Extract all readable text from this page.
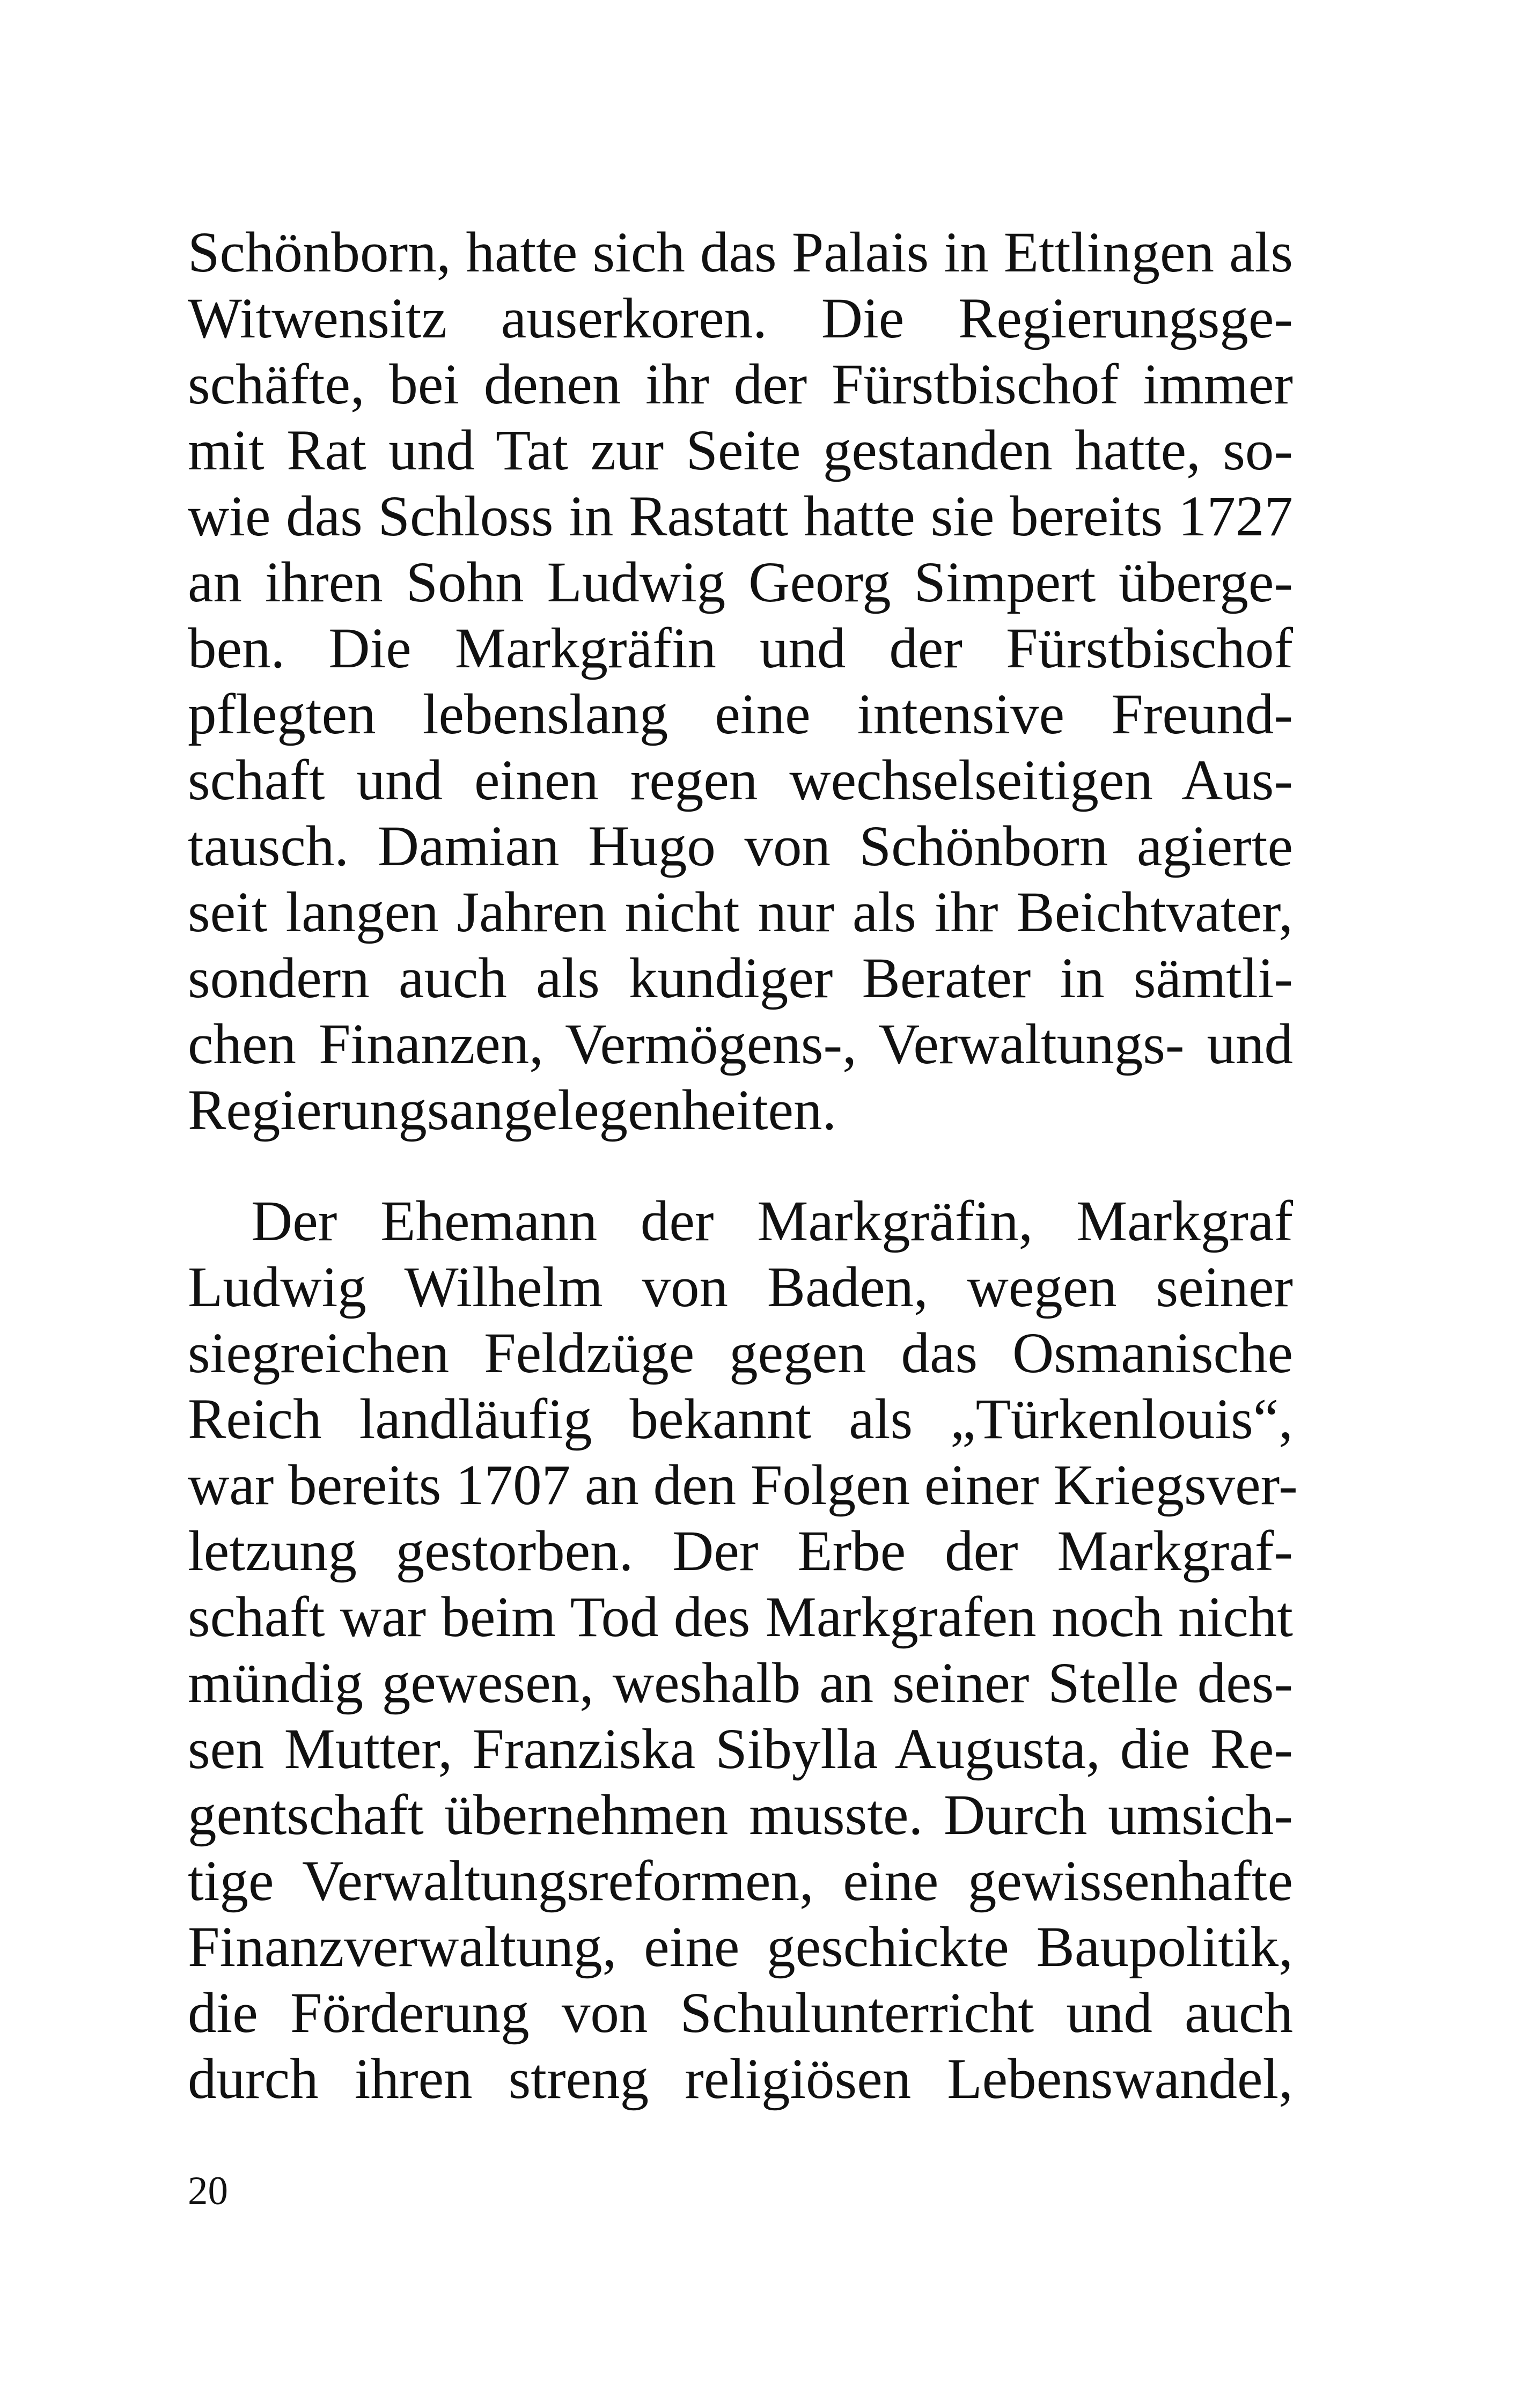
Schönborn, hatte sich das Palais in Ettlingen als
Witwensitz auserkoren. Die Regierungsge-
schäfte, bei denen ihr der Fürstbischof immer
mit Rat und Tat zur Seite gestanden hatte, so-
wie das Schloss in Rastatt hatte sie bereits 1727
an ihren Sohn Ludwig Georg Simpert überge-
ben. Die Markgräfin und der Fürstbischof
pflegten lebenslang eine intensive Freund-
schaft und einen regen wechselseitigen Aus-
tausch. Damian Hugo von Schönborn agierte
seit langen Jahren nicht nur als ihr Beichtvater,
sondern auch als kundiger Berater in sämtli-
chen Finanzen, Vermögens-, Verwaltungs- und
Regierungsangelegenheiten.
Der Ehemann der Markgräfin, Markgraf
Ludwig Wilhelm von Baden, wegen seiner
siegreichen Feldzüge gegen das Osmanische
Reich landläufig bekannt als „Türkenlouis“,
war bereits 1707 an den Folgen einer Kriegsver-
letzung gestorben. Der Erbe der Markgraf-
schaft war beim Tod des Markgrafen noch nicht
mündig gewesen, weshalb an seiner Stelle des-
sen Mutter, Franziska Sibylla Augusta, die Re-
gentschaft übernehmen musste. Durch umsich-
tige Verwaltungsreformen, eine gewissenhafte
Finanzverwaltung, eine geschickte Baupolitik,
die Förderung von Schulunterricht und auch
durch ihren streng religiösen Lebenswandel,
20
